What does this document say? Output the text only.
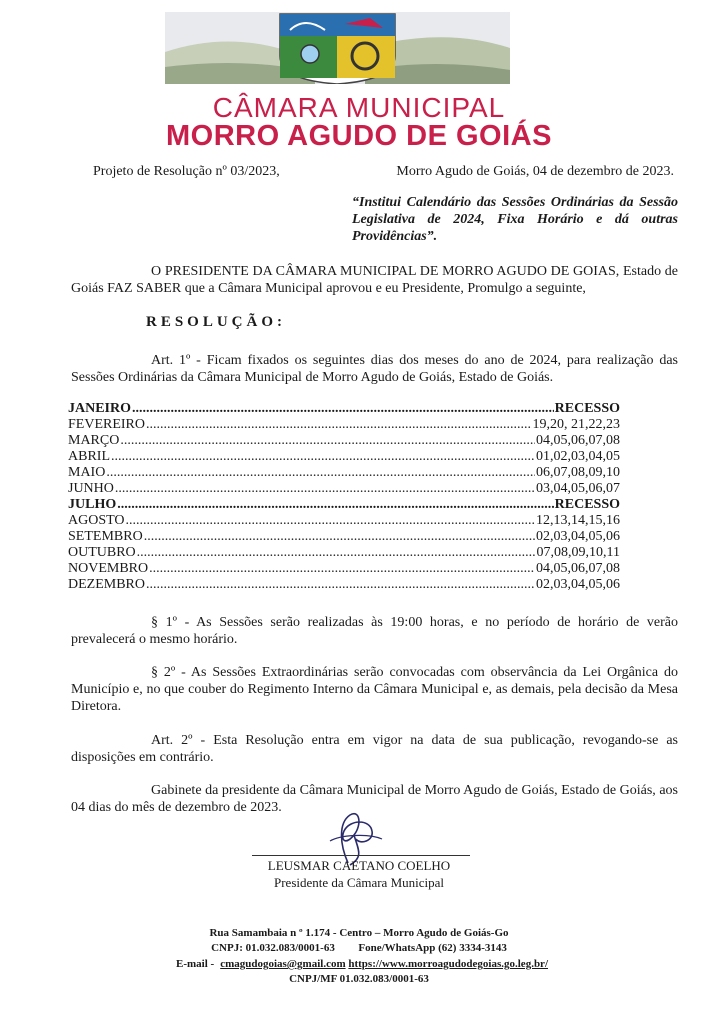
CÂMARA MUNICIPAL
MORRO AGUDO DE GOIÁS
Projeto de Resolução nº 03/2023,	Morro Agudo de Goiás, 04 de dezembro de 2023.
“Institui Calendário das Sessões Ordinárias da Sessão Legislativa de 2024, Fixa Horário e dá outras Providências”.
O PRESIDENTE DA CÂMARA MUNICIPAL DE MORRO AGUDO DE GOIAS, Estado de Goiás FAZ SABER que a Câmara Municipal aprovou e eu Presidente, Promulgo a seguinte,
RESOLUÇÃO:
Art. 1º - Ficam fixados os seguintes dias dos meses do ano de 2024, para realização das Sessões Ordinárias da Câmara Municipal de Morro Agudo de Goiás, Estado de Goiás.
JANEIRO .....	RECESSO
FEVEREIRO .....	19,20, 21,22,23
MARÇO .....	04,05,06,07,08
ABRIL .....	01,02,03,04,05
MAIO .....	06,07,08,09,10
JUNHO .....	03,04,05,06,07
JULHO .....	RECESSO
AGOSTO .....	12,13,14,15,16
SETEMBRO .....	02,03,04,05,06
OUTUBRO .....	07,08,09,10,11
NOVEMBRO .....	04,05,06,07,08
DEZEMBRO .....	02,03,04,05,06
§ 1º - As Sessões serão realizadas às 19:00 horas, e no período de horário de verão prevalecerá o mesmo horário.
§ 2º - As Sessões Extraordinárias serão convocadas com observância da Lei Orgânica do Município e, no que couber do Regimento Interno da Câmara Municipal e, as demais, pela decisão da Mesa Diretora.
Art. 2º - Esta Resolução entra em vigor na data de sua publicação, revogando-se as disposições em contrário.
Gabinete da presidente da Câmara Municipal de Morro Agudo de Goiás, Estado de Goiás, aos 04 dias do mês de dezembro de 2023.
LEUSMAR CAETANO COELHO
Presidente da Câmara Municipal
Rua Samambaia n º 1.174 - Centro – Morro Agudo de Goiás-Go
CNPJ: 01.032.083/0001-63 Fone/WhatsApp (62) 3334-3143
E-mail - cmagudogoias@gmail.com https://www.morroagudodegoias.go.leg.br/
CNPJ/MF 01.032.083/0001-63
